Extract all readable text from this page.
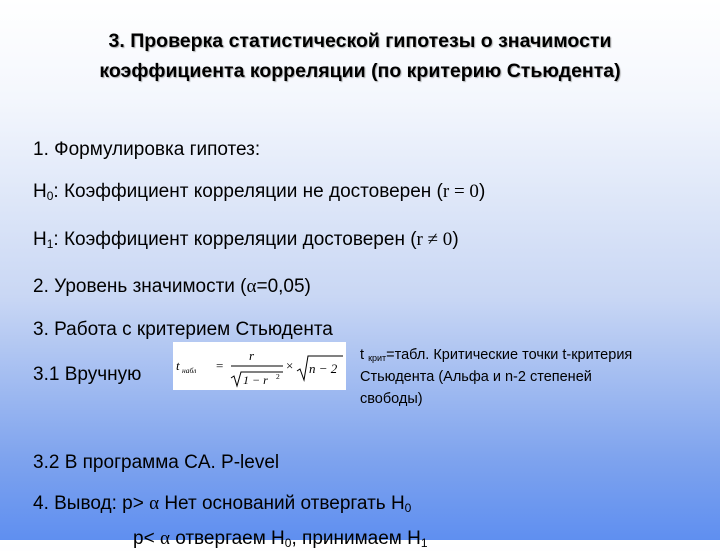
3. Проверка статистической гипотезы о значимости
коэффициента корреляции (по критерию Стьюдента)
1. Формулировка гипотез:
$H_0$: Коэффициент корреляции не достоверен (r = 0)
$H_1$: Коэффициент корреляции достоверен (r ≠ 0)
2. Уровень значимости (α=0,05)
3. Работа с критерием Стьюдента
3.1 Вручную	t набл =
r
1 − r 2
× n − 2
t $_{крит}$=табл. Критические точки t-критерия
Стьюдента (Альфа и n-2 степеней
свободы)
3.2 В программа CA. P-level
4. Вывод: p> α Нет оснований отвергать $H_0$
p< α отвергаем $H_0$, принимаем $H_1$
